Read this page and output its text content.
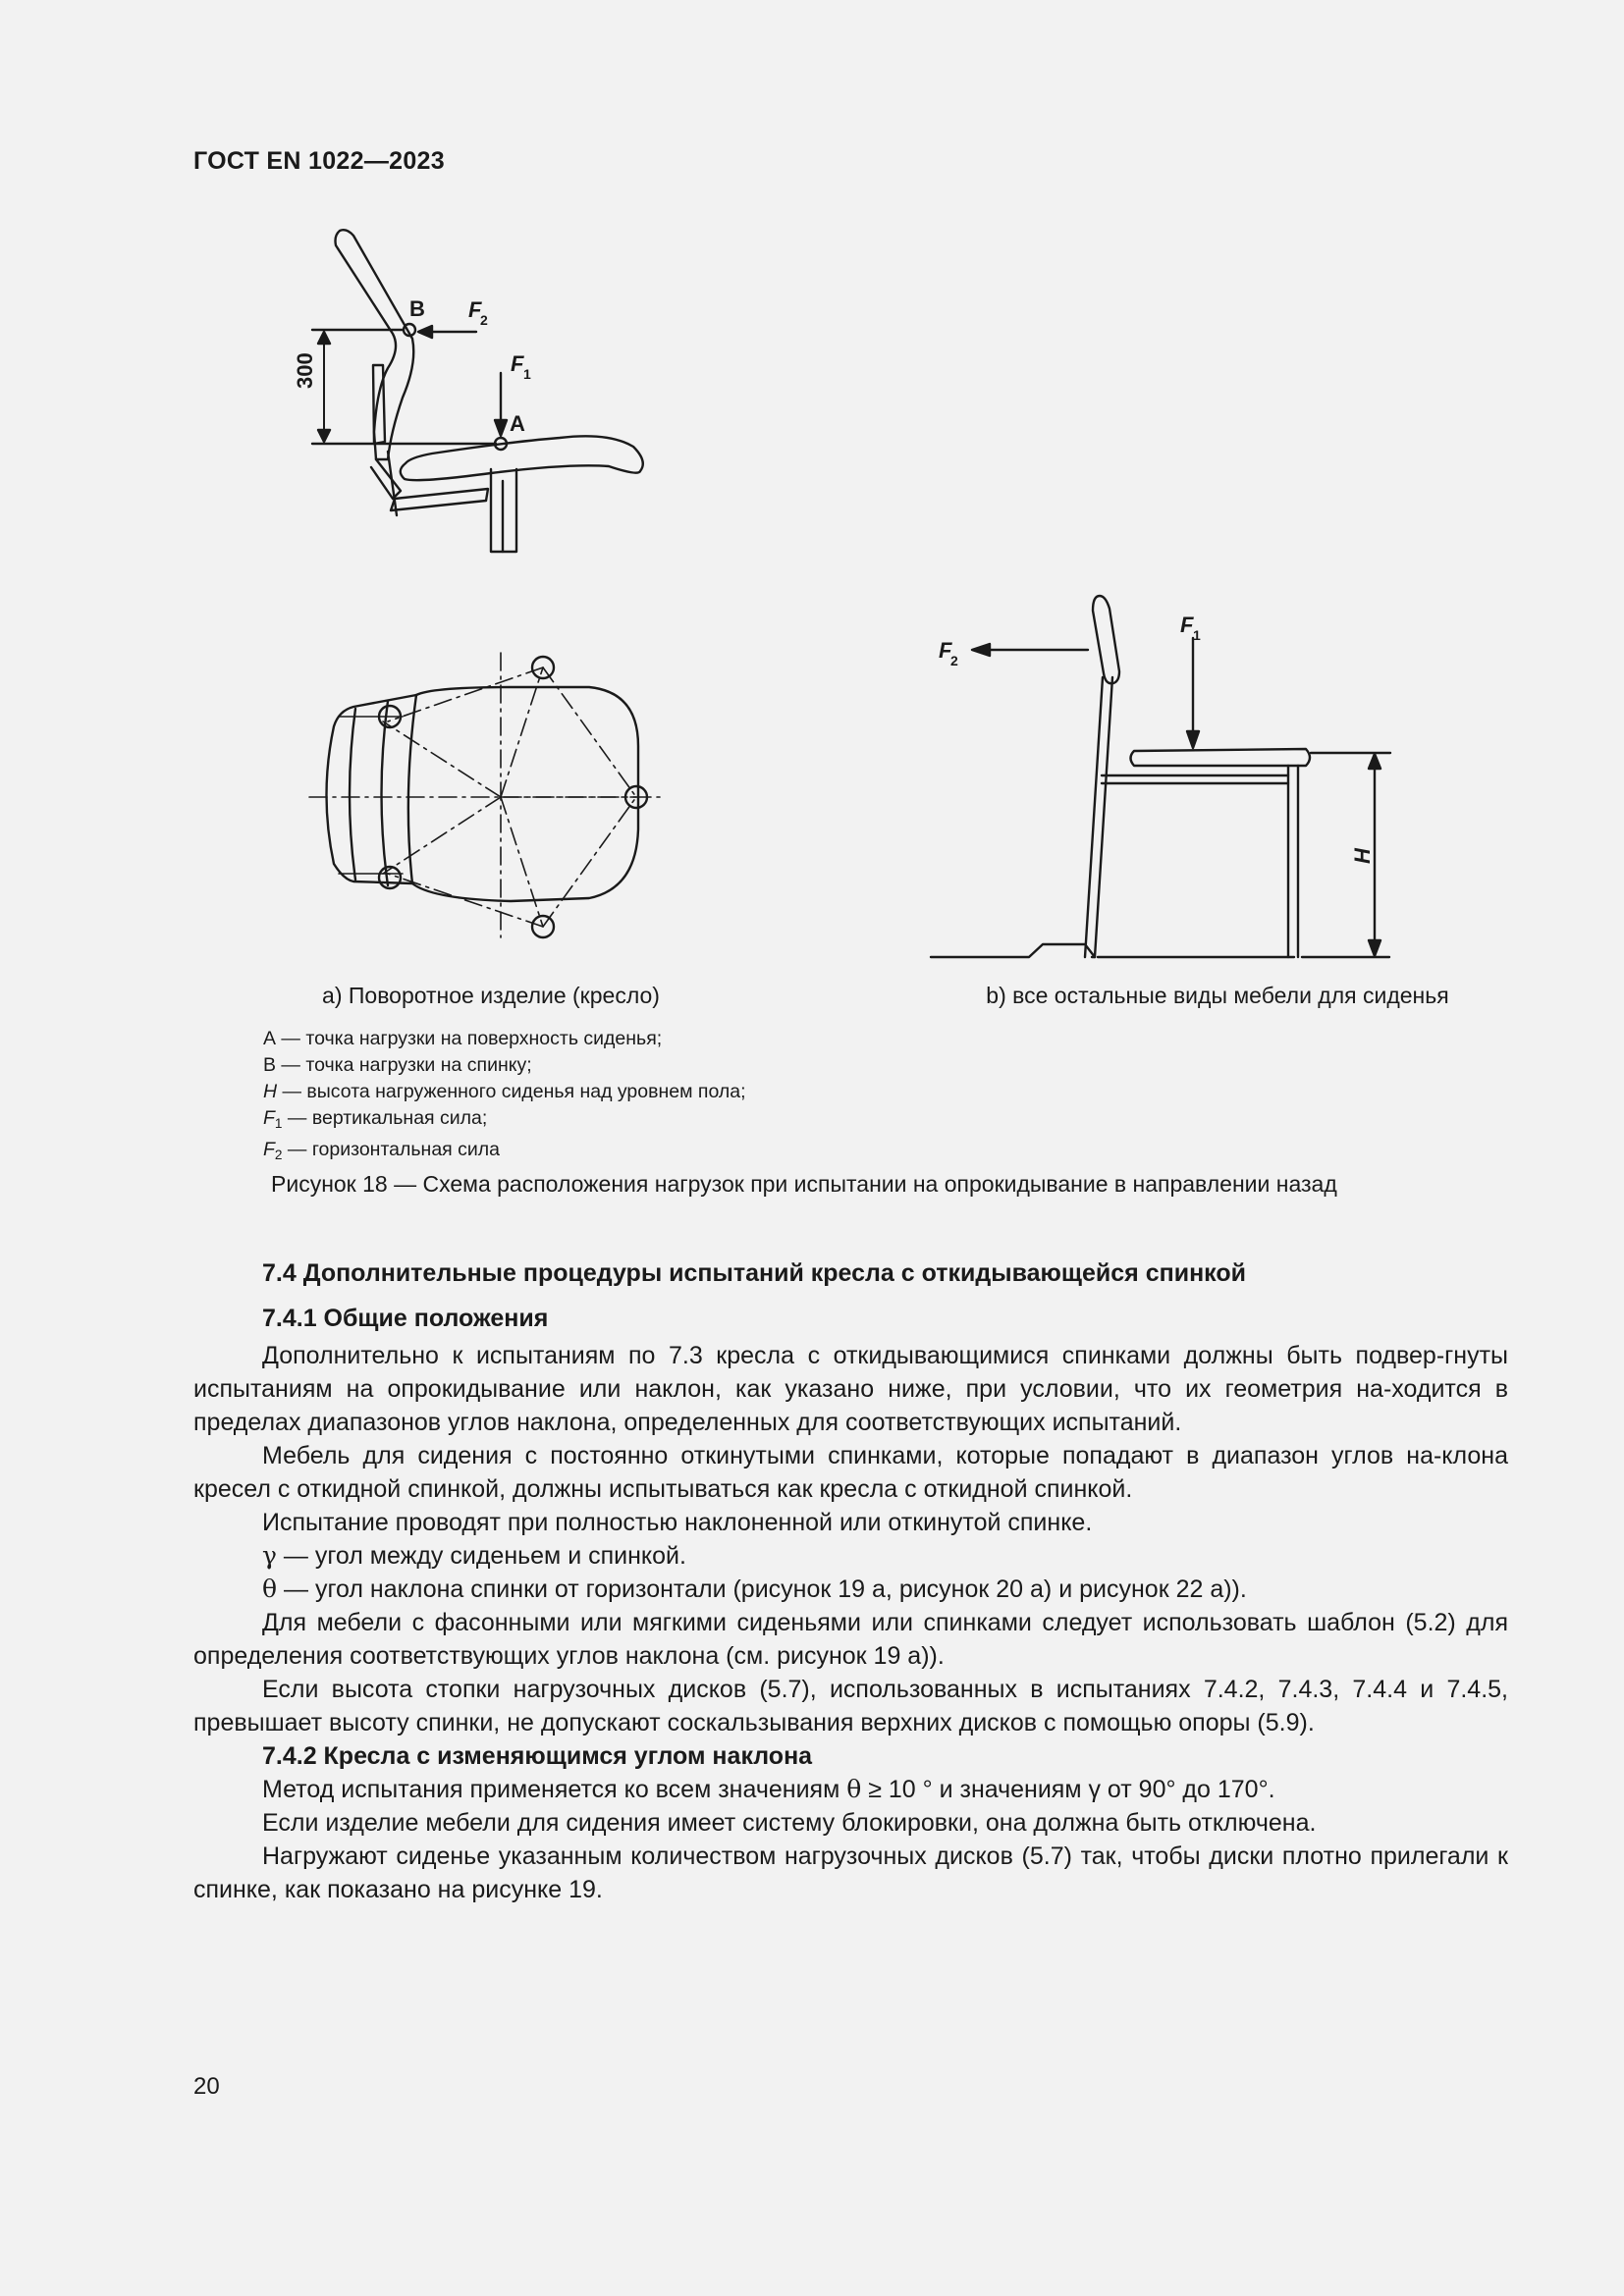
ГОСТ EN 1022—2023
300
B F
2
F 1
A
F 1
F
2
H
a) Поворотное изделие (кресло)	b) все остальные виды мебели для сиденья
А — точка нагрузки на поверхность сиденья;
В — точка нагрузки на спинку;
H — высота нагруженного сиденья над уровнем пола;
$F_1$ — вертикальная сила;
$F_2$ — горизонтальная сила
Рисунок 18 — Схема расположения нагрузок при испытании на опрокидывание в направлении назад
7.4 Дополнительные процедуры испытаний кресла с откидывающейся спинкой
7.4.1 Общие положения

Дополнительно к испытаниям по 7.3 кресла с откидывающимися спинками должны быть подвер-гнуты испытаниям на опрокидывание или наклон, как указано ниже, при условии, что их геометрия на-ходится в пределах диапазонов углов наклона, определенных для соответствующих испытаний.

Мебель для сидения с постоянно откинутыми спинками, которые попадают в диапазон углов на-клона кресел с откидной спинкой, должны испытываться как кресла с откидной спинкой.

Испытание проводят при полностью наклоненной или откинутой спинке.

γ — угол между сиденьем и спинкой.

θ — угол наклона спинки от горизонтали (рисунок 19 а, рисунок 20 а) и рисунок 22 а)).

Для мебели с фасонными или мягкими сиденьями или спинками следует использовать шаблон (5.2) для определения соответствующих углов наклона (см. рисунок 19 а)).

Если высота стопки нагрузочных дисков (5.7), использованных в испытаниях 7.4.2, 7.4.3, 7.4.4 и 7.4.5, превышает высоту спинки, не допускают соскальзывания верхних дисков с помощью опоры (5.9).

7.4.2 Кресла с изменяющимся углом наклона

Метод испытания применяется ко всем значениям θ ≥ 10 ° и значениям γ от 90° до 170°.

Если изделие мебели для сидения имеет систему блокировки, она должна быть отключена.

Нагружают сиденье указанным количеством нагрузочных дисков (5.7) так, чтобы диски плотно прилегали к спинке, как показано на рисунке 19.

20
